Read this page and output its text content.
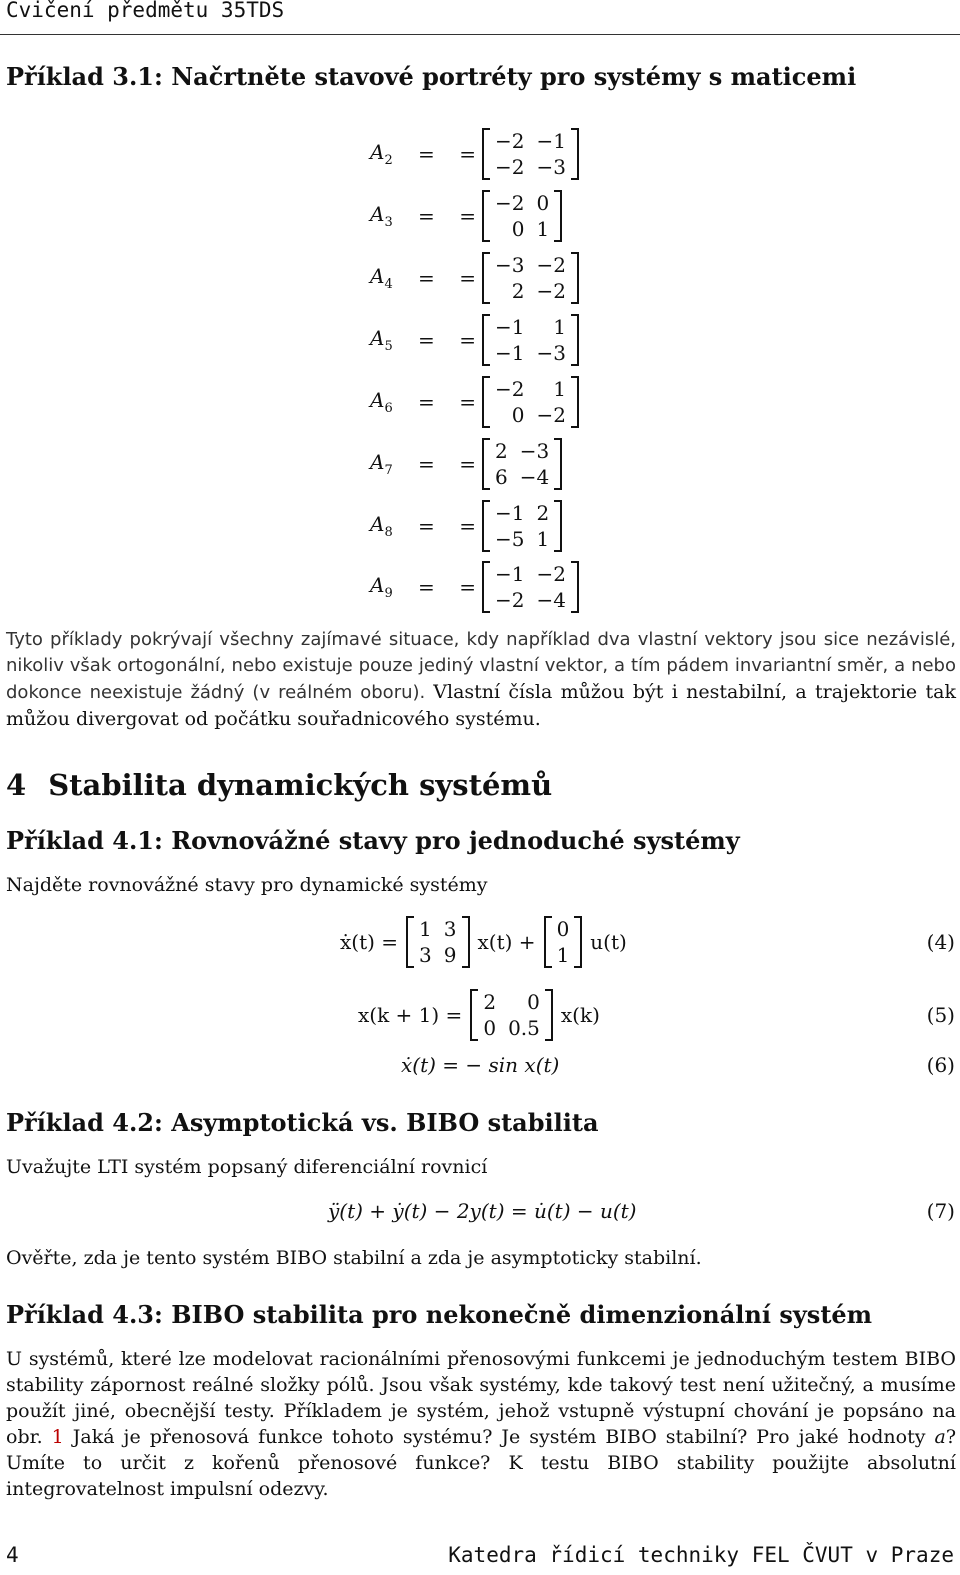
Cvičení předmětu 35TDS
Příklad 3.1: Načrtněte stavové portréty pro systémy s maticemi
$A_2$	= =
−2	−1
−2	−3
$A_3$	= =
−2	0
0	1
$A_4$	= =
−3	−2
2	−2
$A_5$	= =
−1	1
−1	−3
$A_6$	= =
−2	1
0	−2
$A_7$	= =
2	−3
6	−4
$A_8$	= =
−1	2
−5	1
$A_9$	= =
−1	−2
−2	−4
Tyto příklady pokrývají všechny zajímavé situace, kdy například dva vlastní vektory jsou sice nezávislé, nikoliv však ortogonální, nebo existuje pouze jediný vlastní vektor, a tím pádem invariantní směr, a nebo dokonce neexistuje žádný (v reálném oboru). Vlastní čísla můžou být i nestabilní, a trajektorie tak můžou divergovat od počátku souřadnicového systému.
4 Stabilita dynamických systémů
Příklad 4.1: Rovnovážné stavy pro jednoduché systémy
Najděte rovnovážné stavy pro dynamické systémy
ẋ(t) =
1	3
3	9
x(t) +
0
1
u(t)	(4)
x(k + 1) =
2	0
0	0.5
x(k)	(5)
ẋ(t) = − sin x(t)	(6)
Příklad 4.2: Asymptotická vs. BIBO stabilita
Uvažujte LTI systém popsaný diferenciální rovnicí
ÿ(t) + ẏ(t) − 2y(t) = u̇(t) − u(t)	(7)
Ověřte, zda je tento systém BIBO stabilní a zda je asymptoticky stabilní.
Příklad 4.3: BIBO stabilita pro nekonečně dimenzionální systém
U systémů, které lze modelovat racionálními přenosovými funkcemi je jednoduchým testem BIBO stability zápornost reálné složky pólů. Jsou však systémy, kde takový test není užitečný, a musíme použít jiné, obecnější testy. Příkladem je systém, jehož vstupně výstupní chování je popsáno na obr. 1 Jaká je přenosová funkce tohoto systému? Je systém BIBO stabilní? Pro jaké hodnoty a? Umíte to určit z kořenů přenosové funkce? K testu BIBO stability použijte absolutní integrovatelnost impulsní odezvy.
4	Katedra řídicí techniky FEL ČVUT v Praze
